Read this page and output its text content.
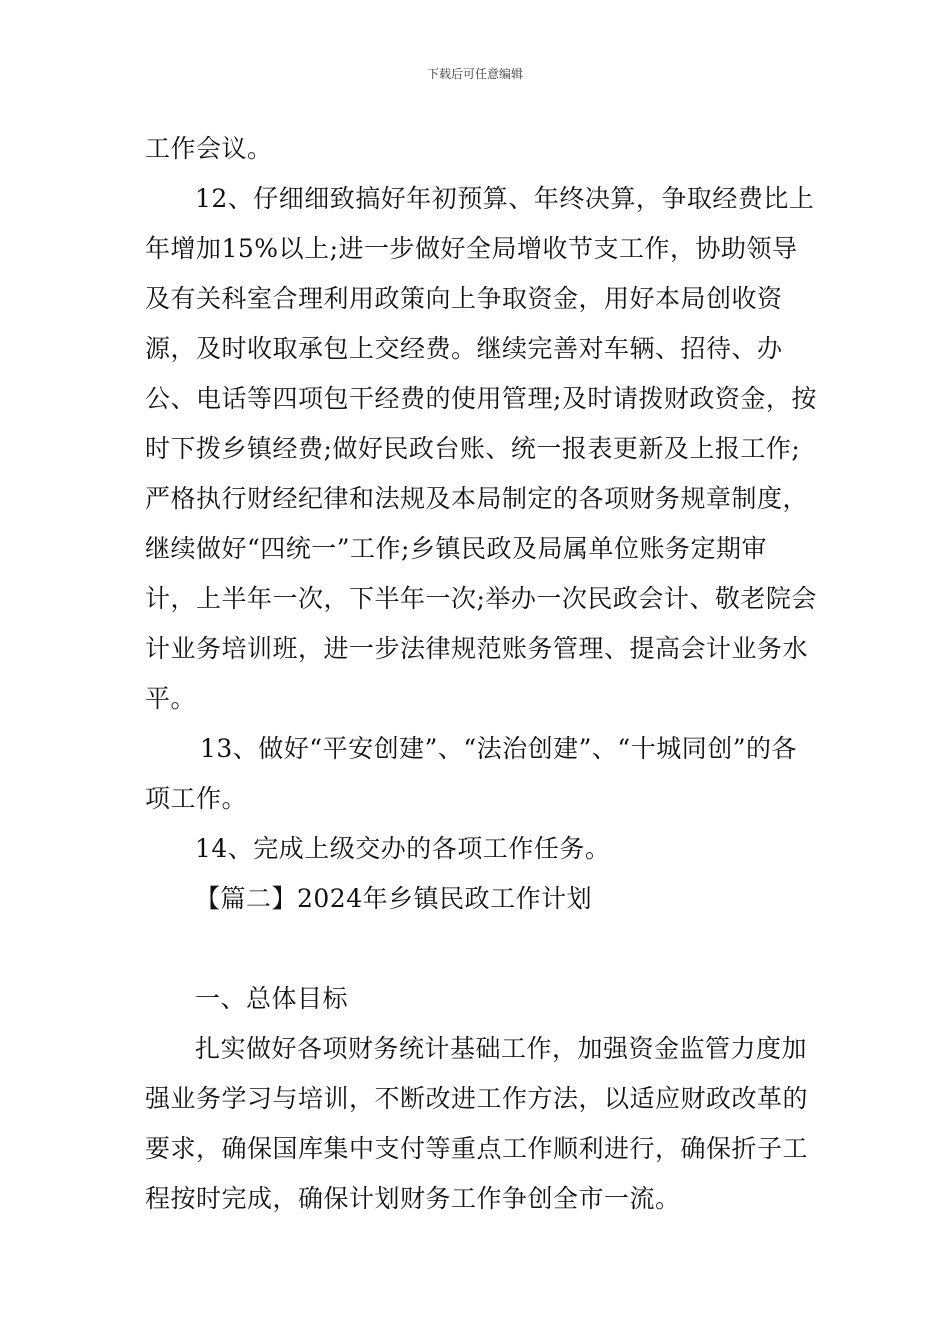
下载后可任意编辑

工作会议。

12、仔细细致搞好年初预算、年终决算，争取经费比上年增加15%以上;进一步做好全局增收节支工作，协助领导及有关科室合理利用政策向上争取资金，用好本局创收资源，及时收取承包上交经费。继续完善对车辆、招待、办公、电话等四项包干经费的使用管理;及时请拨财政资金，按时下拨乡镇经费;做好民政台账、统一报表更新及上报工作;严格执行财经纪律和法规及本局制定的各项财务规章制度，继续做好“四统一”工作;乡镇民政及局属单位账务定期审计，上半年一次，下半年一次;举办一次民政会计、敬老院会计业务培训班，进一步法律规范账务管理、提高会计业务水平。

13、做好“平安创建”、“法治创建”、“十城同创”的各项工作。

14、完成上级交办的各项工作任务。

【篇二】2024年乡镇民政工作计划

一、总体目标

扎实做好各项财务统计基础工作，加强资金监管力度加强业务学习与培训，不断改进工作方法，以适应财政改革的要求，确保国库集中支付等重点工作顺利进行，确保折子工程按时完成，确保计划财务工作争创全市一流。
